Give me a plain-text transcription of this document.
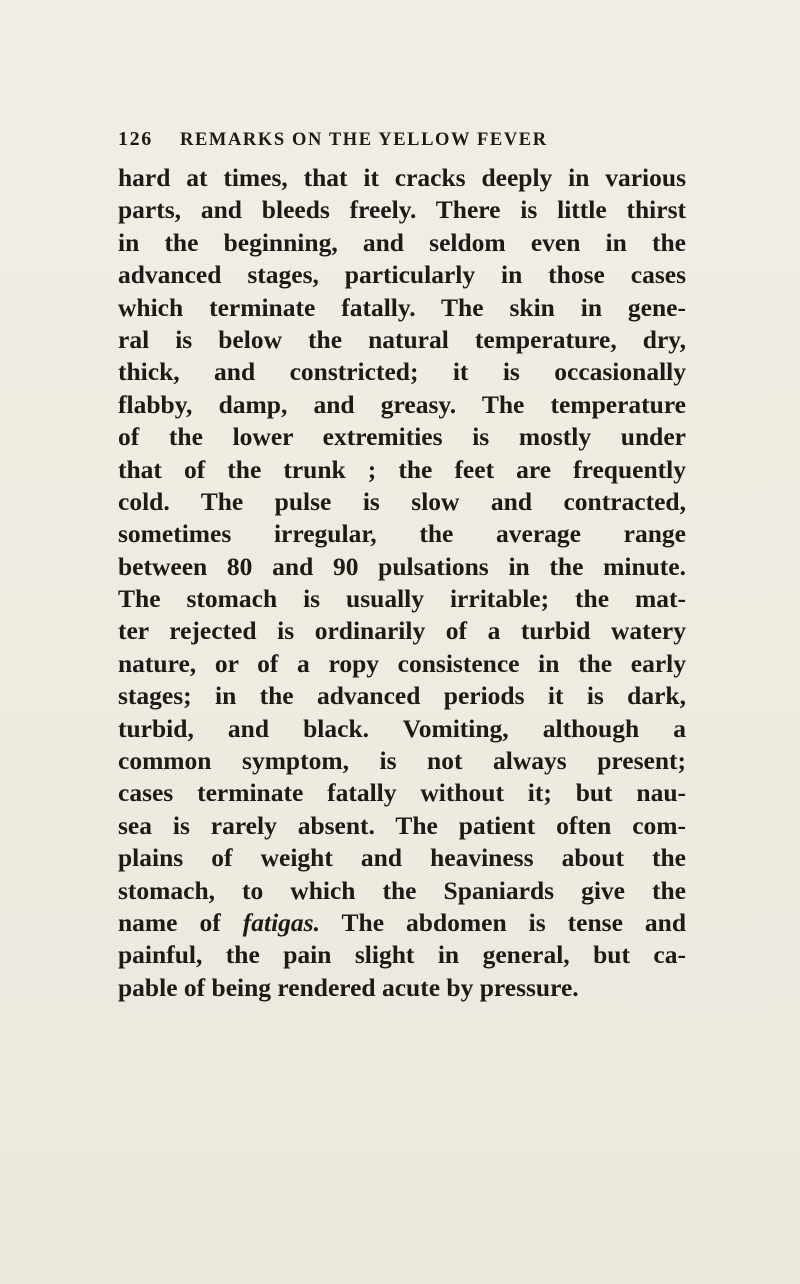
126 REMARKS ON THE YELLOW FEVER
hard at times, that it cracks deeply in various
parts, and bleeds freely. There is little thirst
in the beginning, and seldom even in the
advanced stages, particularly in those cases
which terminate fatally. The skin in gene-
ral is below the natural temperature, dry,
thick, and constricted; it is occasionally
flabby, damp, and greasy. The temperature
of the lower extremities is mostly under
that of the trunk ; the feet are frequently
cold. The pulse is slow and contracted,
sometimes irregular, the average range
between 80 and 90 pulsations in the minute.
The stomach is usually irritable; the mat-
ter rejected is ordinarily of a turbid watery
nature, or of a ropy consistence in the early
stages; in the advanced periods it is dark,
turbid, and black. Vomiting, although a
common symptom, is not always present;
cases terminate fatally without it; but nau-
sea is rarely absent. The patient often com-
plains of weight and heaviness about the
stomach, to which the Spaniards give the
name of fatigas. The abdomen is tense and
painful, the pain slight in general, but ca-
pable of being rendered acute by pressure.
